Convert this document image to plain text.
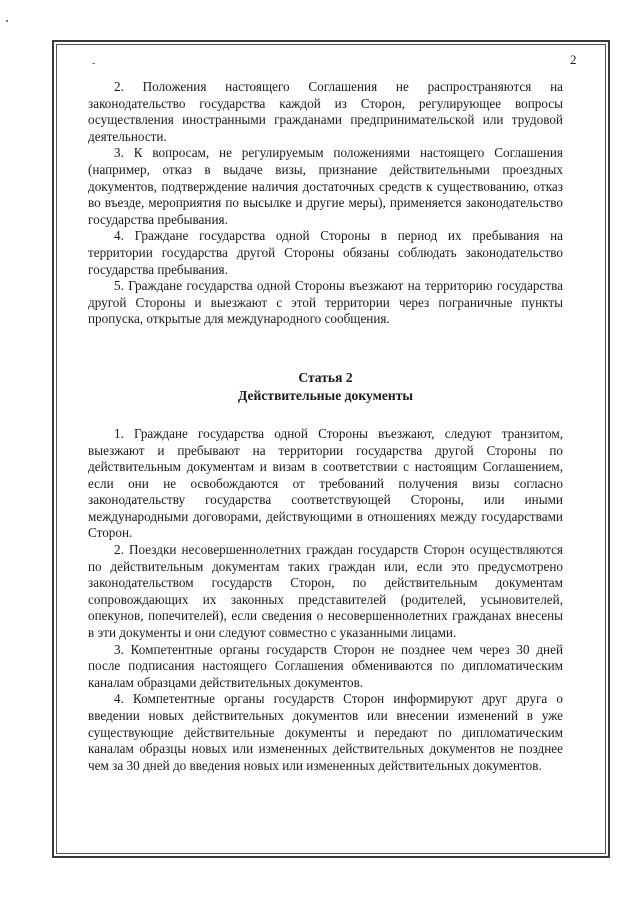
-	2

2. Положения настоящего Соглашения не распространяются на законодательство государства каждой из Сторон, регулирующее вопросы осуществления иностранными гражданами предпринимательской или трудовой деятельности.

3. К вопросам, не регулируемым положениями настоящего Соглашения (например, отказ в выдаче визы, признание действительными проездных документов, подтверждение наличия достаточных средств к существованию, отказ во въезде, мероприятия по высылке и другие меры), применяется законодательство государства пребывания.

4. Граждане государства одной Стороны в период их пребывания на территории государства другой Стороны обязаны соблюдать законодательство государства пребывания.

5. Граждане государства одной Стороны въезжают на территорию государства другой Стороны и выезжают с этой территории через пограничные пункты пропуска, открытые для международного сообщения.

Статья 2
Действительные документы

1. Граждане государства одной Стороны въезжают, следуют транзитом, выезжают и пребывают на территории государства другой Стороны по действительным документам и визам в соответствии с настоящим Соглашением, если они не освобождаются от требований получения визы согласно законодательству государства соответствующей Стороны, или иными международными договорами, действующими в отношениях между государствами Сторон.

2. Поездки несовершеннолетних граждан государств Сторон осуществляются по действительным документам таких граждан или, если это предусмотрено законодательством государств Сторон, по действительным документам сопровождающих их законных представителей (родителей, усыновителей, опекунов, попечителей), если сведения о несовершеннолетних гражданах внесены в эти документы и они следуют совместно с указанными лицами.

3. Компетентные органы государств Сторон не позднее чем через 30 дней после подписания настоящего Соглашения обмениваются по дипломатическим каналам образцами действительных документов.

4. Компетентные органы государств Сторон информируют друг друга о введении новых действительных документов или внесении изменений в уже существующие действительные документы и передают по дипломатическим каналам образцы новых или измененных действительных документов не позднее чем за 30 дней до введения новых или измененных действительных документов.
